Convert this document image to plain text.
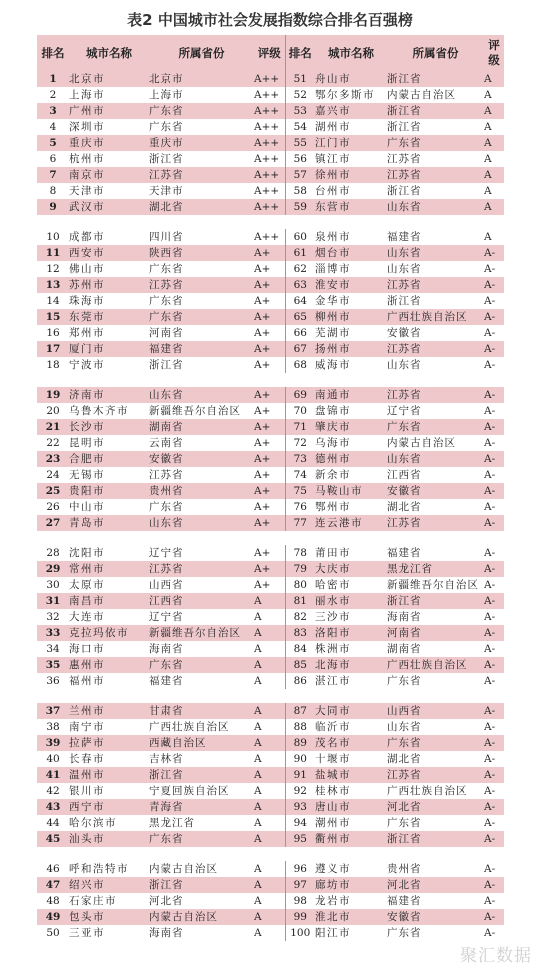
表2 中国城市社会发展指数综合排名百强榜
排名	城市名称	所属省份	评级	排名	城市名称	所属省份	评级
1	北京市	北京市	A++	51	舟山市	浙江省	A
2	上海市	上海市	A++	52	鄂尔多斯市	内蒙古自治区	A
3	广州市	广东省	A++	53	嘉兴市	浙江省	A
4	深圳市	广东省	A++	54	湖州市	浙江省	A
5	重庆市	重庆市	A++	55	江门市	广东省	A
6	杭州市	浙江省	A++	56	镇江市	江苏省	A
7	南京市	江苏省	A++	57	徐州市	江苏省	A
8	天津市	天津市	A++	58	台州市	浙江省	A
9	武汉市	湖北省	A++	59	东营市	山东省	A

10	成都市	四川省	A++	60	泉州市	福建省	A
11	西安市	陕西省	A+	61	烟台市	山东省	A-
12	佛山市	广东省	A+	62	淄博市	山东省	A-
13	苏州市	江苏省	A+	63	淮安市	江苏省	A-
14	珠海市	广东省	A+	64	金华市	浙江省	A-
15	东莞市	广东省	A+	65	柳州市	广西壮族自治区	A-
16	郑州市	河南省	A+	66	芜湖市	安徽省	A-
17	厦门市	福建省	A+	67	扬州市	江苏省	A-
18	宁波市	浙江省	A+	68	威海市	山东省	A-

19	济南市	山东省	A+	69	南通市	江苏省	A-
20	乌鲁木齐市	新疆维吾尔自治区	A+	70	盘锦市	辽宁省	A-
21	长沙市	湖南省	A+	71	肇庆市	广东省	A-
22	昆明市	云南省	A+	72	乌海市	内蒙古自治区	A-
23	合肥市	安徽省	A+	73	德州市	山东省	A-
24	无锡市	江苏省	A+	74	新余市	江西省	A-
25	贵阳市	贵州省	A+	75	马鞍山市	安徽省	A-
26	中山市	广东省	A+	76	鄂州市	湖北省	A-
27	青岛市	山东省	A+	77	连云港市	江苏省	A-

28	沈阳市	辽宁省	A+	78	莆田市	福建省	A-
29	常州市	江苏省	A+	79	大庆市	黑龙江省	A-
30	太原市	山西省	A+	80	哈密市	新疆维吾尔自治区	A-
31	南昌市	江西省	A	81	丽水市	浙江省	A-
32	大连市	辽宁省	A	82	三沙市	海南省	A-
33	克拉玛依市	新疆维吾尔自治区	A	83	洛阳市	河南省	A-
34	海口市	海南省	A	84	株洲市	湖南省	A-
35	惠州市	广东省	A	85	北海市	广西壮族自治区	A-
36	福州市	福建省	A	86	湛江市	广东省	A-

37	兰州市	甘肃省	A	87	大同市	山西省	A-
38	南宁市	广西壮族自治区	A	88	临沂市	山东省	A-
39	拉萨市	西藏自治区	A	89	茂名市	广东省	A-
40	长春市	吉林省	A	90	十堰市	湖北省	A-
41	温州市	浙江省	A	91	盐城市	江苏省	A-
42	银川市	宁夏回族自治区	A	92	桂林市	广西壮族自治区	A-
43	西宁市	青海省	A	93	唐山市	河北省	A-
44	哈尔滨市	黑龙江省	A	94	潮州市	广东省	A-
45	汕头市	广东省	A	95	衢州市	浙江省	A-

46	呼和浩特市	内蒙古自治区	A	96	遵义市	贵州省	A-
47	绍兴市	浙江省	A	97	廊坊市	河北省	A-
48	石家庄市	河北省	A	98	龙岩市	福建省	A-
49	包头市	内蒙古自治区	A	99	淮北市	安徽省	A-
50	三亚市	海南省	A	100	阳江市	广东省	A-
聚汇数据
